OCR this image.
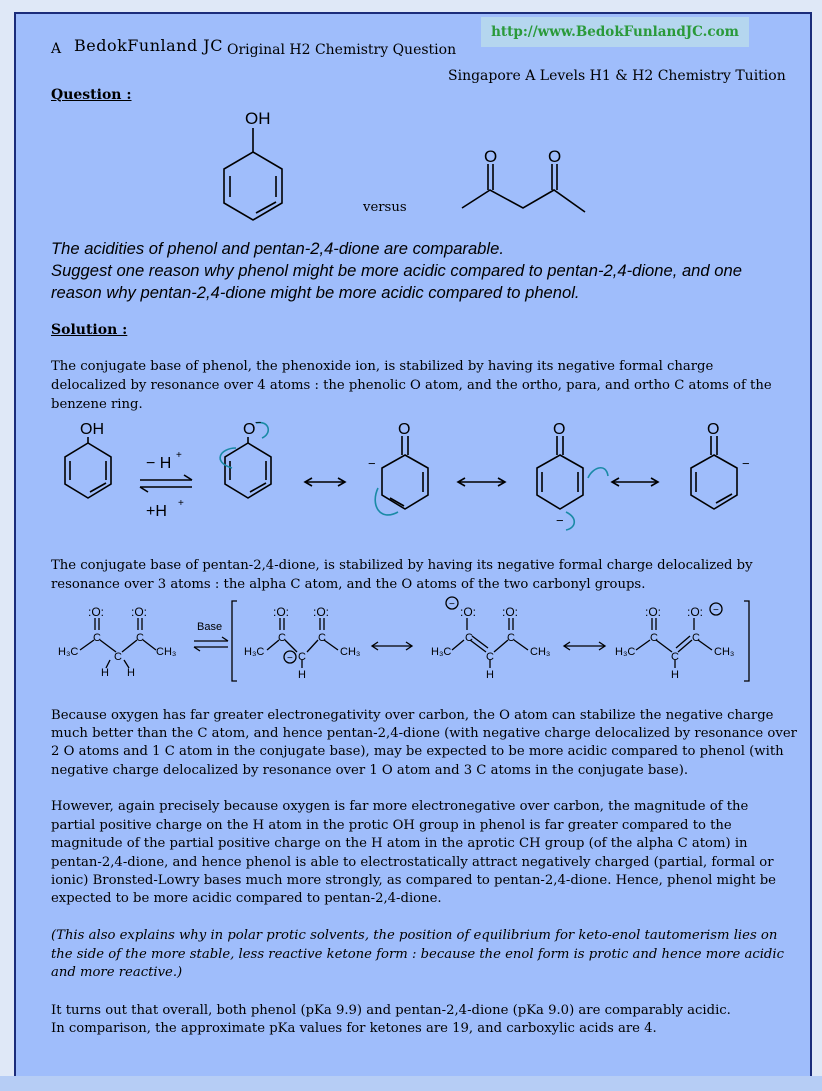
A BedokFunland JC Original H2 Chemistry Question
http://www.BedokFunlandJC.com
Singapore A Levels H1 & H2 Chemistry Tuition
Question :
OH
O	O
versus
The acidities of phenol and pentan-2,4-dione are comparable.
Suggest one reason why phenol might be more acidic compared to pentan-2,4-dione, and one
reason why pentan-2,4-dione might be more acidic compared to phenol.
Solution :
The conjugate base of phenol, the phenoxide ion, is stabilized by having its negative formal charge
delocalized by resonance over 4 atoms : the phenolic O atom, and the ortho, para, and ortho C atoms of the
benzene ring.
OH
− H +
+H +
O −	O
−
O
−
O
−
The conjugate base of pentan-2,4-dione, is stabilized by having its negative formal charge delocalized by
resonance over 3 atoms : the alpha C atom, and the O atoms of the two carbonyl groups.
:O: :O:
H₃C
C
C
C
CH₃
H H
Base
:O: :O:
H₃C
C
C
C
CH₃
H
−
:O: :O:
H₃C
C
C
C
CH₃
H
−
:O: :O:
H₃C
C
C
C
CH₃
H
−
Because oxygen has far greater electronegativity over carbon, the O atom can stabilize the negative charge
much better than the C atom, and hence pentan-2,4-dione (with negative charge delocalized by resonance over
2 O atoms and 1 C atom in the conjugate base), may be expected to be more acidic compared to phenol (with
negative charge delocalized by resonance over 1 O atom and 3 C atoms in the conjugate base).
However, again precisely because oxygen is far more electronegative over carbon, the magnitude of the
partial positive charge on the H atom in the protic OH group in phenol is far greater compared to the
magnitude of the partial positive charge on the H atom in the aprotic CH group (of the alpha C atom) in
pentan-2,4-dione, and hence phenol is able to electrostatically attract negatively charged (partial, formal or
ionic) Bronsted-Lowry bases much more strongly, as compared to pentan-2,4-dione. Hence, phenol might be
expected to be more acidic compared to pentan-2,4-dione.
(This also explains why in polar protic solvents, the position of equilibrium for keto-enol tautomerism lies on
the side of the more stable, less reactive ketone form : because the enol form is protic and hence more acidic
and more reactive.)
It turns out that overall, both phenol (pKa 9.9) and pentan-2,4-dione (pKa 9.0) are comparably acidic.
In comparison, the approximate pKa values for ketones are 19, and carboxylic acids are 4.
